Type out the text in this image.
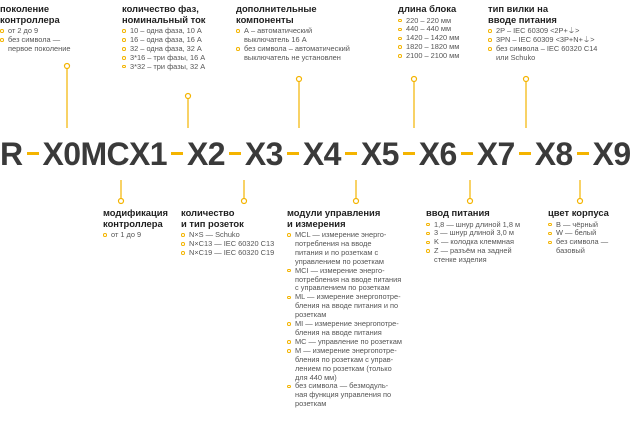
R X0MCX1 X2 X3 X4 X5 X6 X7 X8 X9
поколение
контроллера
от 2 до 9
без символа —
первое поколение
количество фаз,
номинальный ток
10 – одна фаза, 10 А
16 – одна фаза, 16 А
32 – одна фаза, 32 А
3*16 – три фазы, 16 А
3*32 – три фазы, 32 А
дополнительные
компоненты
А – автоматический
выключатель 16 А
без символа – автоматический
выключатель не установлен
длина блока
220 – 220 мм
440 – 440 мм
1420 – 1420 мм
1820 – 1820 мм
2100 – 2100 мм
тип вилки на
вводе питания
2P – IEC 60309 <2P+⏚>
3PN – IEC 60309 <3P+N+⏚>
без символа – IEC 60320 C14
или Schuko
модификация
контроллера
от 1 до 9
количество
и тип розеток
N×S — Schuko
N×C13 — IEC 60320 C13
N×C19 — IEC 60320 C19
модули управления
и измерения
MCL — измерение энерго-
потребления на вводе
питания и по розеткам с
управлением по розеткам
MCI — измерение энерго-
потребления на вводе питания
с управлением по розеткам
ML — измерение энергопотре-
бления на вводе питания и по
розеткам
MI — измерение энергопотре-
бления на вводе питания
MC — управление по розеткам
M — измерение энергопотре-
бления по розеткам с управ-
лением по розеткам (только
для 440 мм)
без символа — безмодуль-
ная функция управления по
розеткам
ввод питания
1,8 — шнур длиной 1,8 м
3 — шнур длиной 3,0 м
K — колодка клеммная
Z — разъём на задней
стенке изделия
цвет корпуса
B — чёрный
W — белый
без символа —
базовый
